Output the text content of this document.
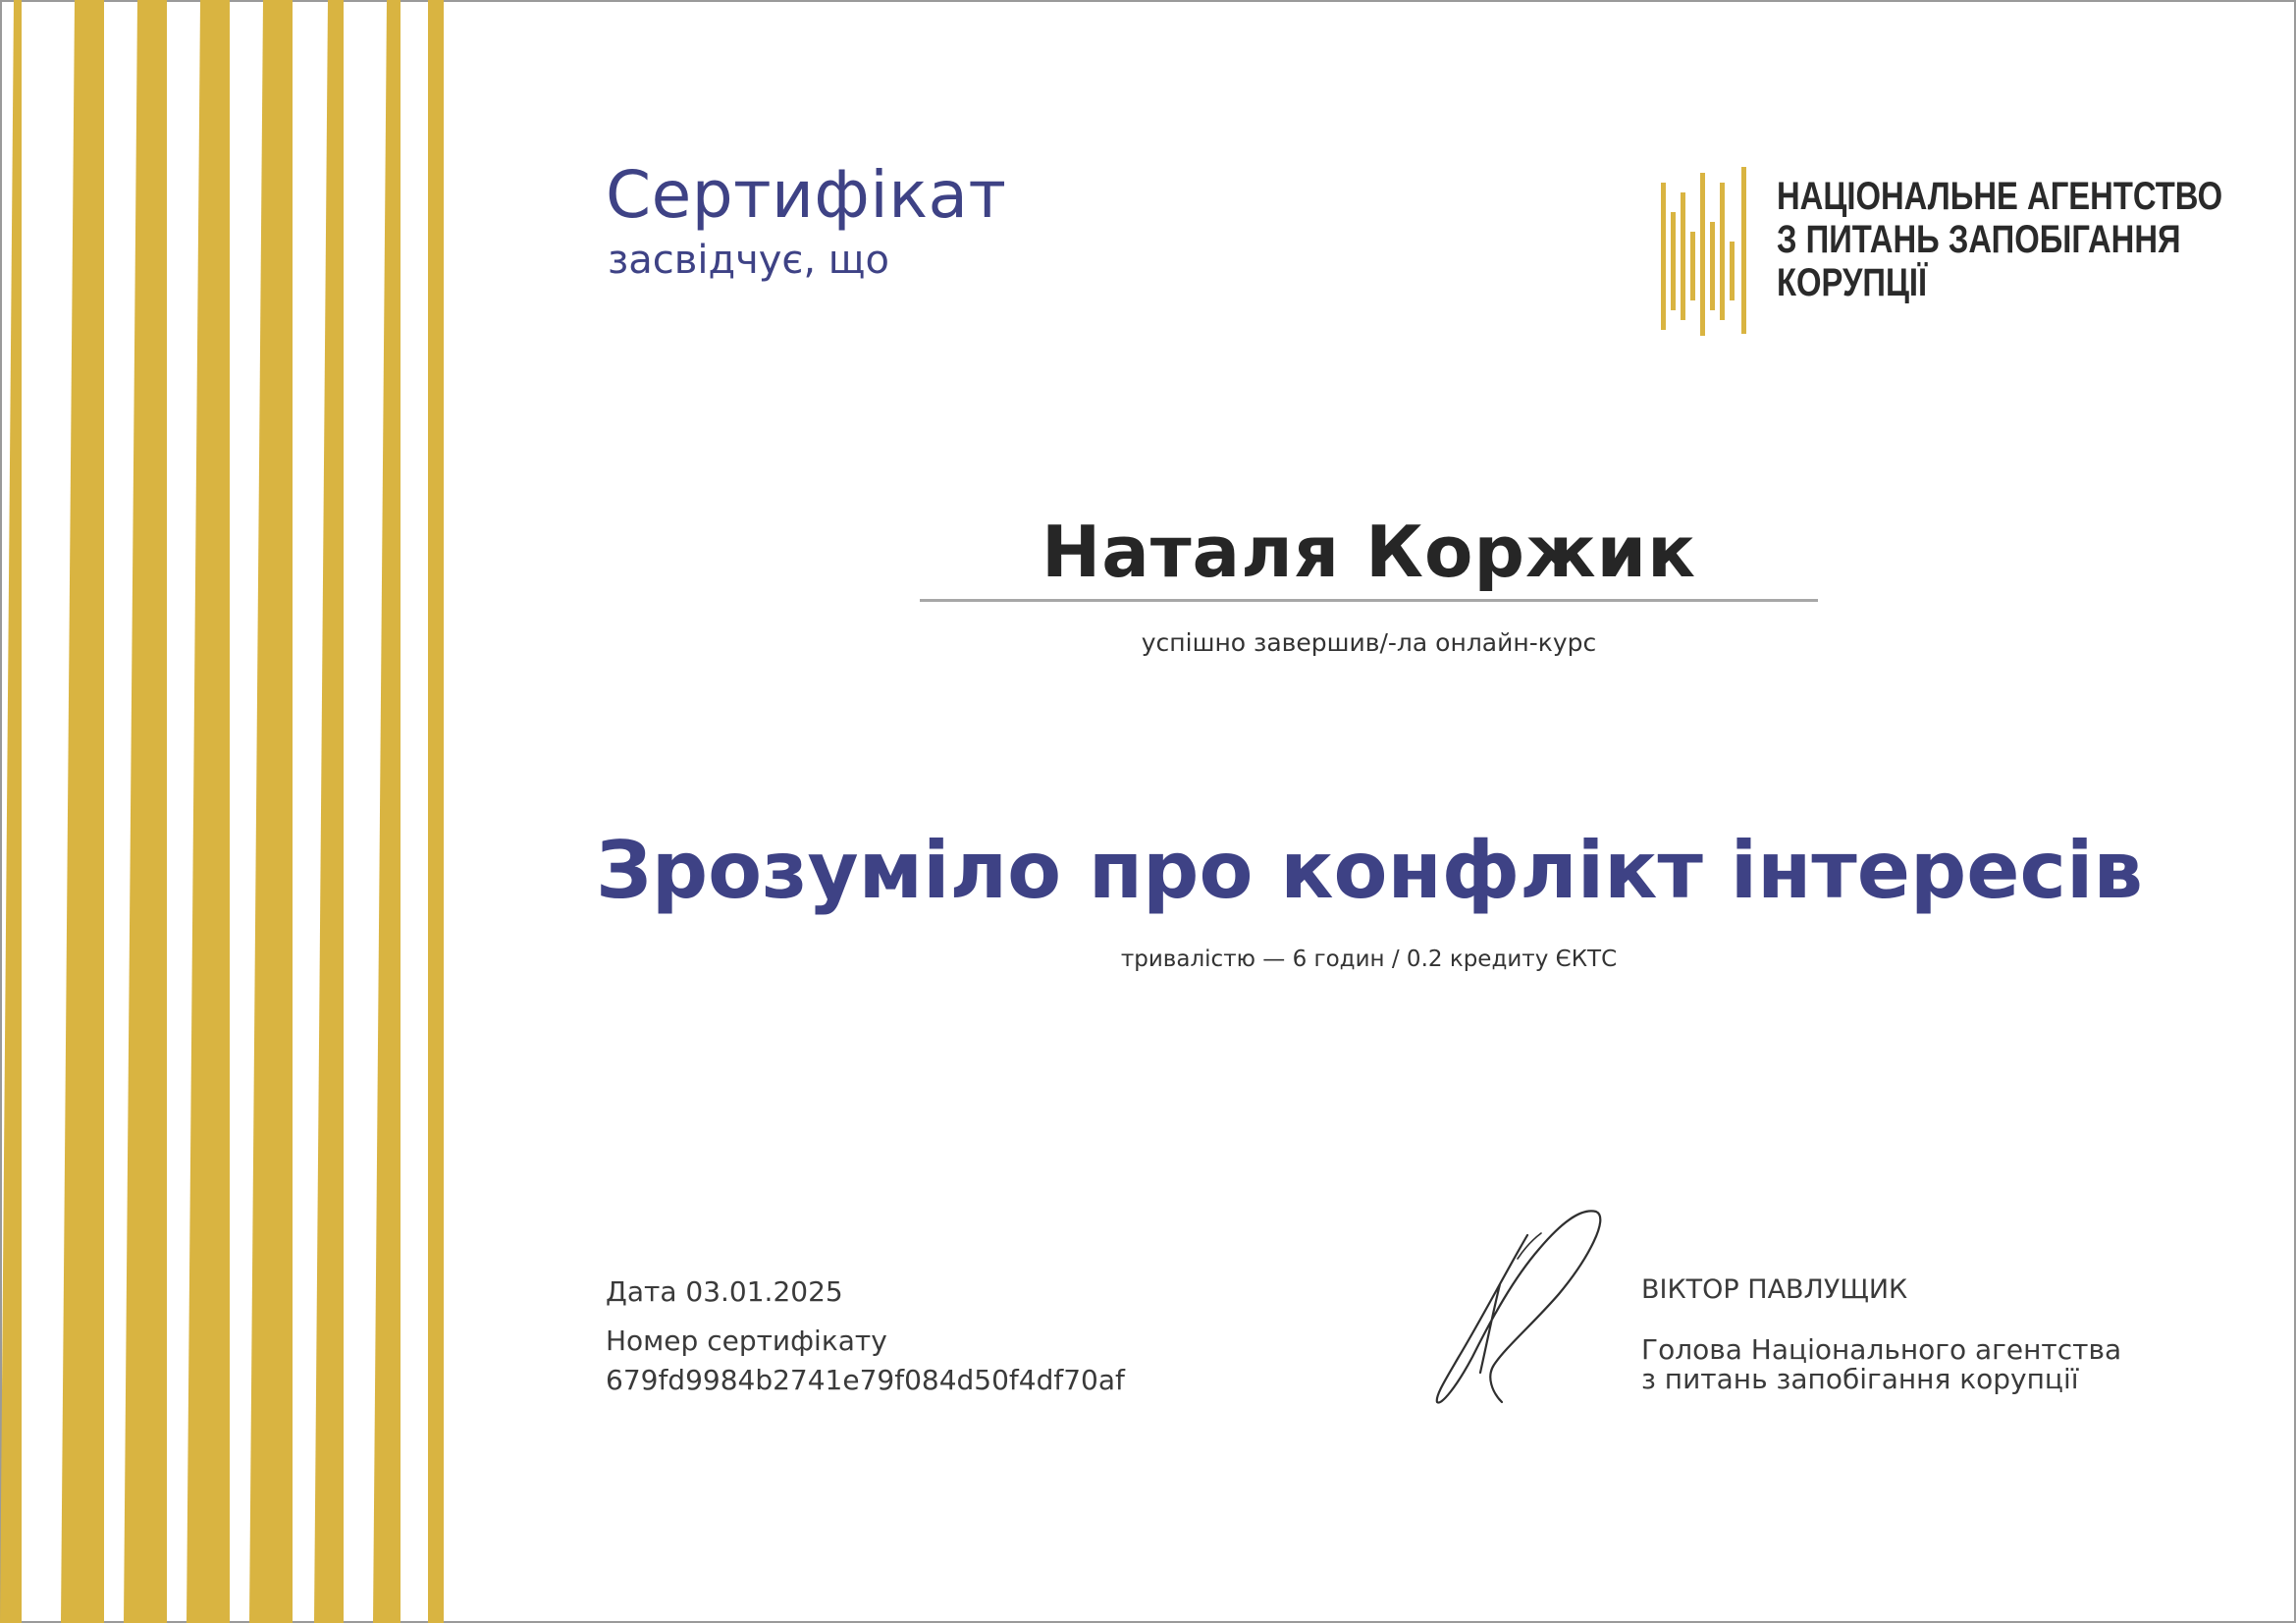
Сертифікат

засвідчує, що

НАЦІОНАЛЬНЕ АГЕНТСТВО
З ПИТАНЬ ЗАПОБІГАННЯ
КОРУПЦІЇ
Наталя Коржик

успішно завершив/-ла онлайн-курс

Зрозуміло про конфлікт інтересів

тривалістю — 6 годин / 0.2 кредиту ЄКТС

Дата 03.01.2025
Номер сертифікату
679fd9984b2741e79f084d50f4df70af

ВІКТОР ПАВЛУЩИК

Голова Національного агентства
з питань запобігання корупції
